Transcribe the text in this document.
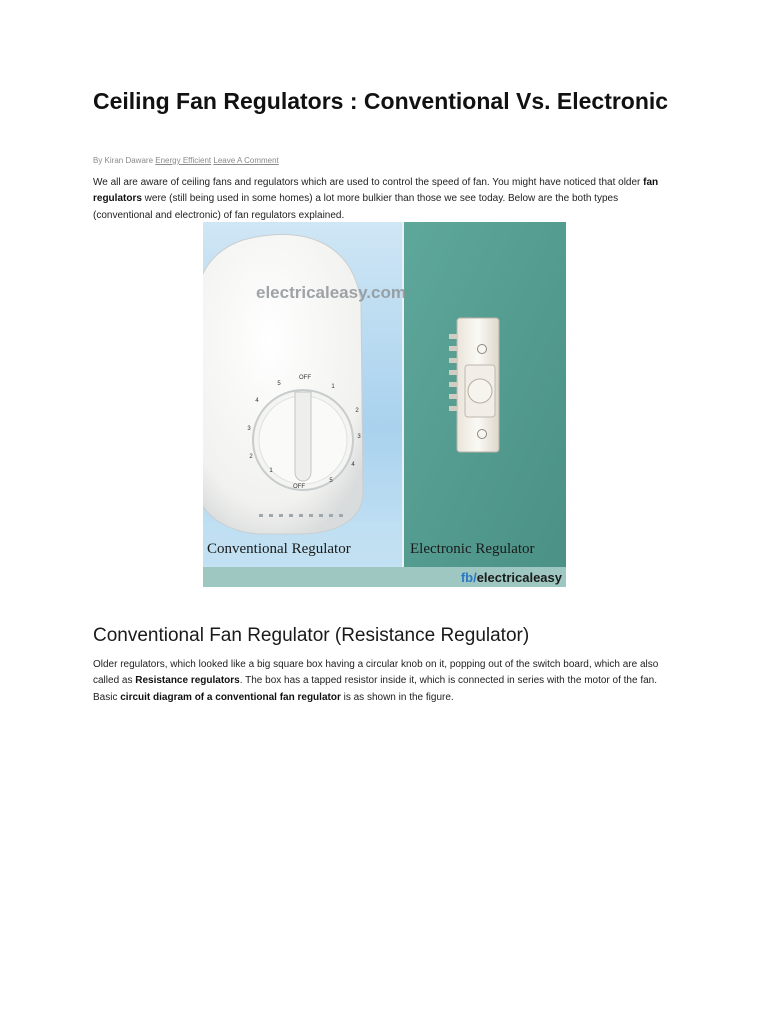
Ceiling Fan Regulators : Conventional Vs. Electronic
By Kiran Daware Energy Efficient Leave A Comment

We all are aware of ceiling fans and regulators which are used to control the speed of fan. You might have noticed that older fan regulators were (still being used in some homes) a lot more bulkier than those we see today. Below are the both types (conventional and electronic) of fan regulators explained.

Conventional Fan Regulator (Resistance Regulator)

Older regulators, which looked like a big square box having a circular knob on it, popping out of the switch board, which are also called as Resistance regulators. The box has a tapped resistor inside it, which is connected in series with the motor of the fan. Basic circuit diagram of a conventional fan regulator is as shown in the figure.

OFF
OFF
1
2
3
4
5	1
2
3
4
5
electricaleasy.com
Conventional Regulator	Electronic Regulator
fb/electricaleasy
